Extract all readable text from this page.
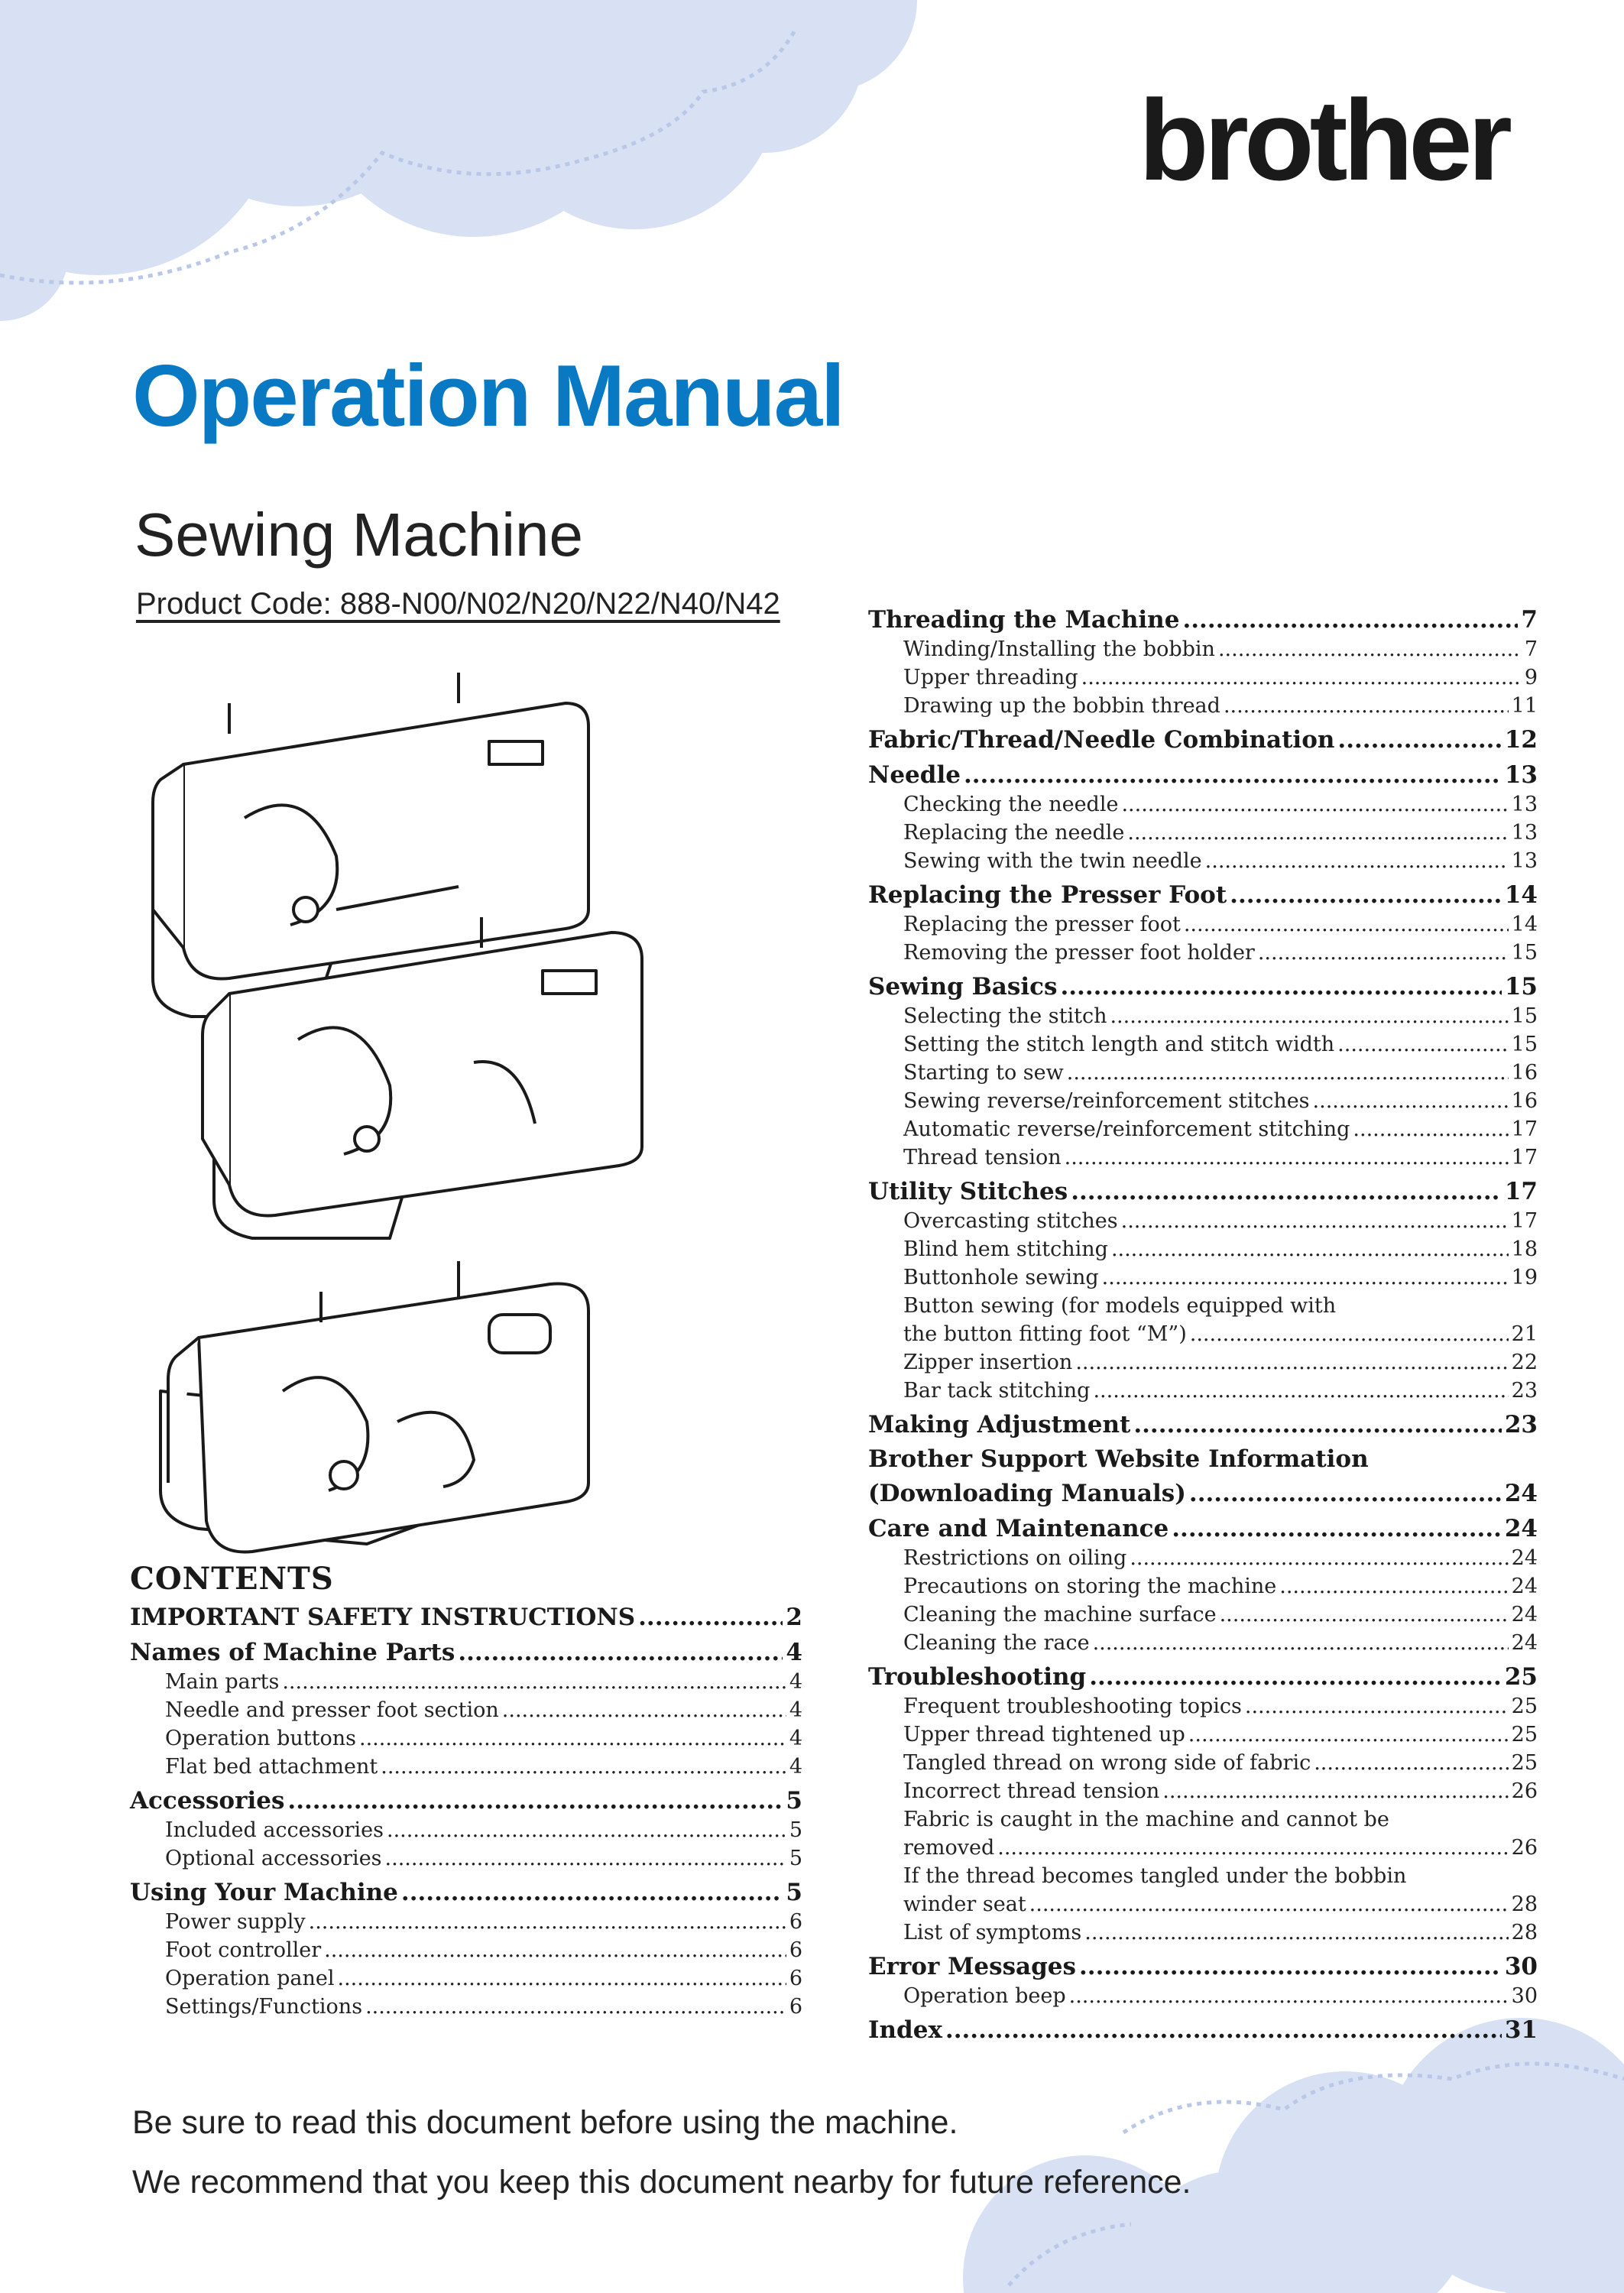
brother
Operation Manual
Sewing Machine
Product Code: 888-N00/N02/N20/N22/N40/N42
CONTENTS
IMPORTANT SAFETY INSTRUCTIONS .....	2
Names of Machine Parts .....	4
Main parts .....	4
Needle and presser foot section .....	4
Operation buttons .....	4
Flat bed attachment .....	4
Accessories .....	5
Included accessories .....	5
Optional accessories .....	5
Using Your Machine .....	5
Power supply .....	6
Foot controller .....	6
Operation panel .....	6
Settings/Functions .....	6
Threading the Machine .....	7
Winding/Installing the bobbin .....	7
Upper threading .....	9
Drawing up the bobbin thread .....	11
Fabric/Thread/Needle Combination .....	12
Needle .....	13
Checking the needle .....	13
Replacing the needle .....	13
Sewing with the twin needle .....	13
Replacing the Presser Foot .....	14
Replacing the presser foot .....	14
Removing the presser foot holder .....	15
Sewing Basics .....	15
Selecting the stitch .....	15
Setting the stitch length and stitch width .....	15
Starting to sew .....	16
Sewing reverse/reinforcement stitches .....	16
Automatic reverse/reinforcement stitching .....	17
Thread tension .....	17
Utility Stitches .....	17
Overcasting stitches .....	17
Blind hem stitching .....	18
Buttonhole sewing .....	19
Button sewing (for models equipped with
the button fitting foot “M”) .....	21
Zipper insertion .....	22
Bar tack stitching .....	23
Making Adjustment .....	23
Brother Support Website Information
(Downloading Manuals) .....	24
Care and Maintenance .....	24
Restrictions on oiling .....	24
Precautions on storing the machine .....	24
Cleaning the machine surface .....	24
Cleaning the race .....	24
Troubleshooting .....	25
Frequent troubleshooting topics .....	25
Upper thread tightened up .....	25
Tangled thread on wrong side of fabric .....	25
Incorrect thread tension .....	26
Fabric is caught in the machine and cannot be
removed .....	26
If the thread becomes tangled under the bobbin
winder seat .....	28
List of symptoms .....	28
Error Messages .....	30
Operation beep .....	30
Index .....	31
Be sure to read this document before using the machine.
We recommend that you keep this document nearby for future reference.
